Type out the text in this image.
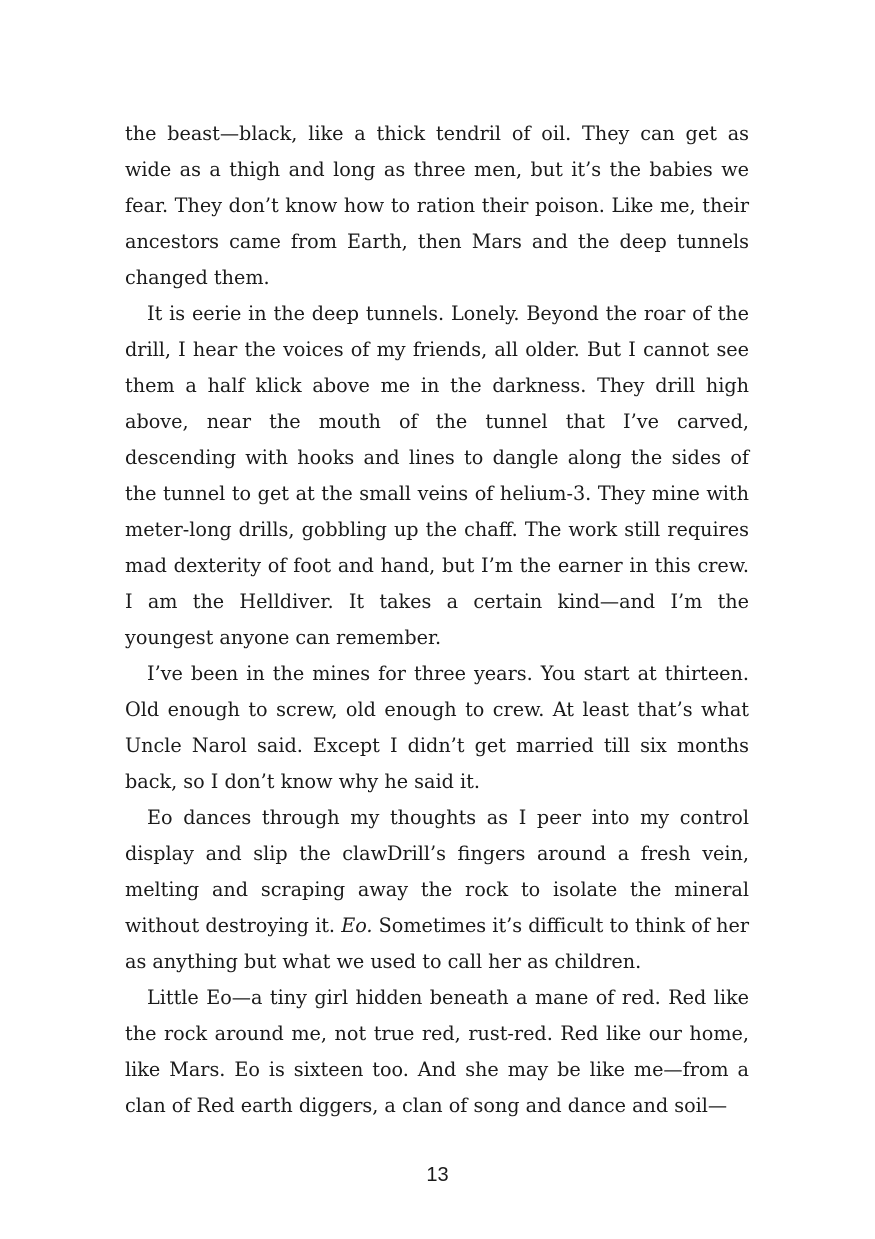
the beast—black, like a thick tendril of oil. They can get as wide as a thigh and long as three men, but it’s the babies we fear. They don’t know how to ration their poison. Like me, their ancestors came from Earth, then Mars and the deep tunnels changed them.

It is eerie in the deep tunnels. Lonely. Beyond the roar of the drill, I hear the voices of my friends, all older. But I cannot see them a half klick above me in the darkness. They drill high above, near the mouth of the tunnel that I’ve carved, descending with hooks and lines to dangle along the sides of the tunnel to get at the small veins of helium-3. They mine with meter-long drills, gobbling up the chaff. The work still requires mad dexterity of foot and hand, but I’m the earner in this crew. I am the Helldiver. It takes a certain kind—and I’m the youngest anyone can remember.

I’ve been in the mines for three years. You start at thirteen. Old enough to screw, old enough to crew. At least that’s what Uncle Narol said. Except I didn’t get married till six months back, so I don’t know why he said it.

Eo dances through my thoughts as I peer into my control display and slip the clawDrill’s fingers around a fresh vein, melting and scraping away the rock to isolate the mineral without destroying it. Eo. Sometimes it’s difficult to think of her as anything but what we used to call her as children.

Little Eo—a tiny girl hidden beneath a mane of red. Red like the rock around me, not true red, rust-red. Red like our home, like Mars. Eo is sixteen too. And she may be like me—from a clan of Red earth diggers, a clan of song and dance and soil—

13
